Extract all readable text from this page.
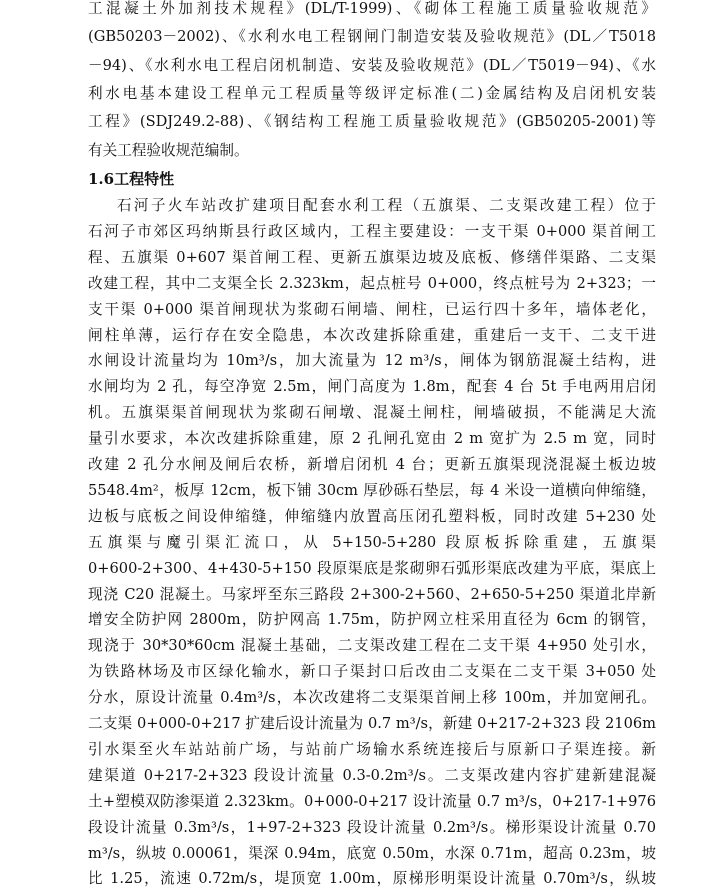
工混凝土外加剂技术规程》(DL/T-1999)、《砌体工程施工质量验收规范》
(GB50203－2002)、《水利水电工程钢闸门制造安装及验收规范》(DL／T5018
－94)、《水利水电工程启闭机制造、安装及验收规范》(DL／T5019－94)、《水
利水电基本建设工程单元工程质量等级评定标准(二)金属结构及启闭机安装
工程》(SDJ249.2-88)、《钢结构工程施工质量验收规范》(GB50205-2001)等
有关工程验收规范编制。
1.6工程特性
石河子火车站改扩建项目配套水利工程（五旗渠、二支渠改建工程）位于
石河子市郊区玛纳斯县行政区域内，工程主要建设：一支干渠 0+000 渠首闸工
程、五旗渠 0+607 渠首闸工程、更新五旗渠边坡及底板、修缮伴渠路、二支渠
改建工程，其中二支渠全长 2.323km，起点桩号 0+000，终点桩号为 2+323；一
支干渠 0+000 渠首闸现状为浆砌石闸墙、闸柱，已运行四十多年，墙体老化，
闸柱单薄，运行存在安全隐患，本次改建拆除重建，重建后一支干、二支干进
水闸设计流量均为 10m³/s，加大流量为 12 m³/s，闸体为钢筋混凝土结构，进
水闸均为 2 孔，每空净宽 2.5m，闸门高度为 1.8m，配套 4 台 5t 手电两用启闭
机。五旗渠渠首闸现状为浆砌石闸墩、混凝土闸柱，闸墙破损，不能满足大流
量引水要求，本次改建拆除重建，原 2 孔闸孔宽由 2 m 宽扩为 2.5 m 宽，同时
改建 2 孔分水闸及闸后农桥，新增启闭机 4 台；更新五旗渠现浇混凝土板边坡
5548.4m²，板厚 12cm，板下铺 30cm 厚砂砾石垫层，每 4 米设一道横向伸缩缝，
边板与底板之间设伸缩缝，伸缩缝内放置高压闭孔塑料板，同时改建 5+230 处
五旗渠与魔引渠汇流口，从 5+150-5+280 段原板拆除重建，五旗渠
0+600-2+300、4+430-5+150 段原渠底是浆砌卵石弧形渠底改建为平底，渠底上
现浇 C20 混凝土。马家坪至东三路段 2+300-2+560、2+650-5+250 渠道北岸新
增安全防护网 2800m，防护网高 1.75m，防护网立柱采用直径为 6cm 的钢管，
现浇于 30*30*60cm 混凝土基础，二支渠改建工程在二支干渠 4+950 处引水，
为铁路林场及市区绿化输水，新口子渠封口后改由二支渠在二支干渠 3+050 处
分水，原设计流量 0.4m³/s，本次改建将二支渠渠首闸上移 100m，并加宽闸孔。
二支渠 0+000-0+217 扩建后设计流量为 0.7 m³/s，新建 0+217-2+323 段 2106m
引水渠至火车站站前广场，与站前广场输水系统连接后与原新口子渠连接。新
建渠道 0+217-2+323 段设计流量 0.3-0.2m³/s。二支渠改建内容扩建新建混凝
土+塑模双防渗渠道 2.323km。0+000-0+217 设计流量 0.7 m³/s，0+217-1+976
段设计流量 0.3m³/s，1+97-2+323 段设计流量 0.2m³/s。梯形渠设计流量 0.70
m³/s，纵坡 0.00061，渠深 0.94m，底宽 0.50m，水深 0.71m，超高 0.23m，坡
比 1.25，流速 0.72m/s，堤顶宽 1.00m，原梯形明渠设计流量 0.70m³/s，纵坡
